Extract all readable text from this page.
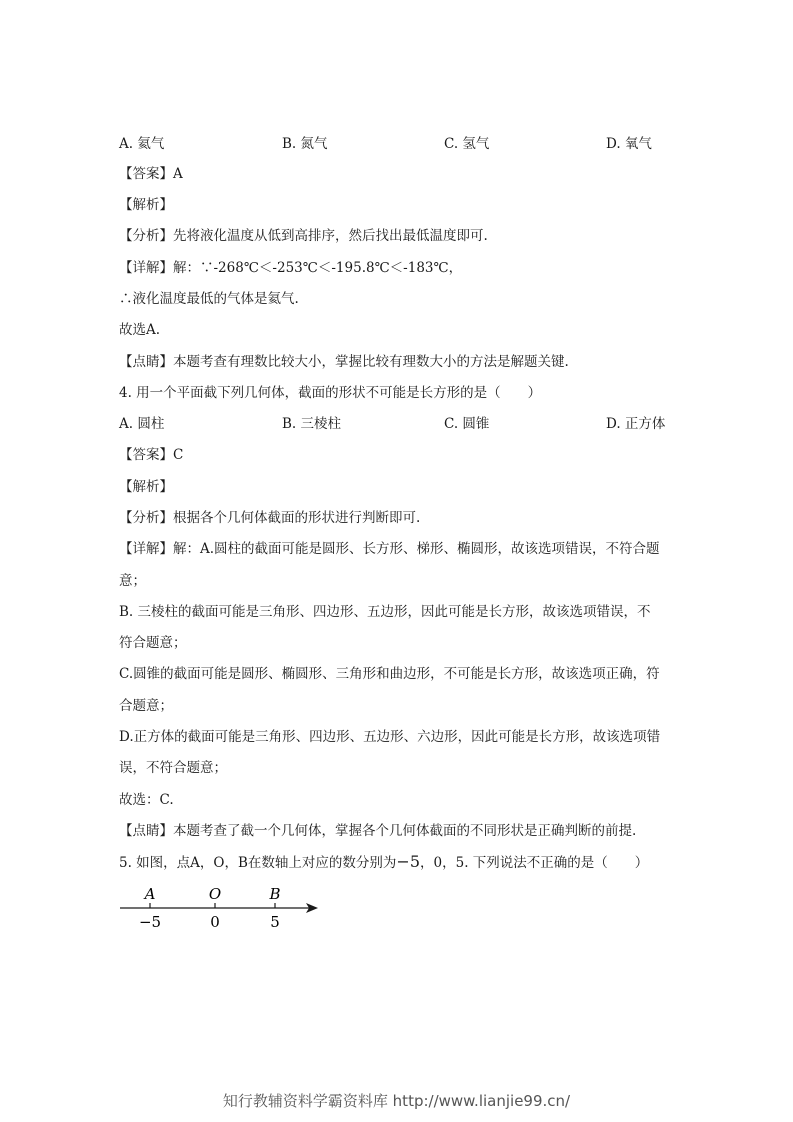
A. 氦气	B. 氮气	C. 氢气	D. 氧气
【答案】A
【解析】
【分析】先将液化温度从低到高排序，然后找出最低温度即可.
【详解】解：∵-268℃＜-253℃＜-195.8℃＜-183℃，
∴液化温度最低的气体是氦气.
故选A.
【点睛】本题考查有理数比较大小，掌握比较有理数大小的方法是解题关键.
4. 用一个平面截下列几何体，截面的形状不可能是长方形的是（　　）
A. 圆柱	B. 三棱柱	C. 圆锥	D. 正方体
【答案】C
【解析】
【分析】根据各个几何体截面的形状进行判断即可.
【详解】解：A.圆柱的截面可能是圆形、长方形、梯形、椭圆形，故该选项错误，不符合题
意；
B. 三棱柱的截面可能是三角形、四边形、五边形，因此可能是长方形，故该选项错误，不
符合题意；
C.圆锥的截面可能是圆形、椭圆形、三角形和曲边形，不可能是长方形，故该选项正确，符
合题意；
D.正方体的截面可能是三角形、四边形、五边形、六边形，因此可能是长方形，故该选项错
误，不符合题意；
故选：C.
【点睛】本题考查了截一个几何体，掌握各个几何体截面的不同形状是正确判断的前提.
5. 如图，点A，O，B在数轴上对应的数分别为−5，0，5. 下列说法不正确的是（　　）
A	O	B
−5	0	5
知行教辅资料学霸资料库 http://www.lianjie99.cn/
